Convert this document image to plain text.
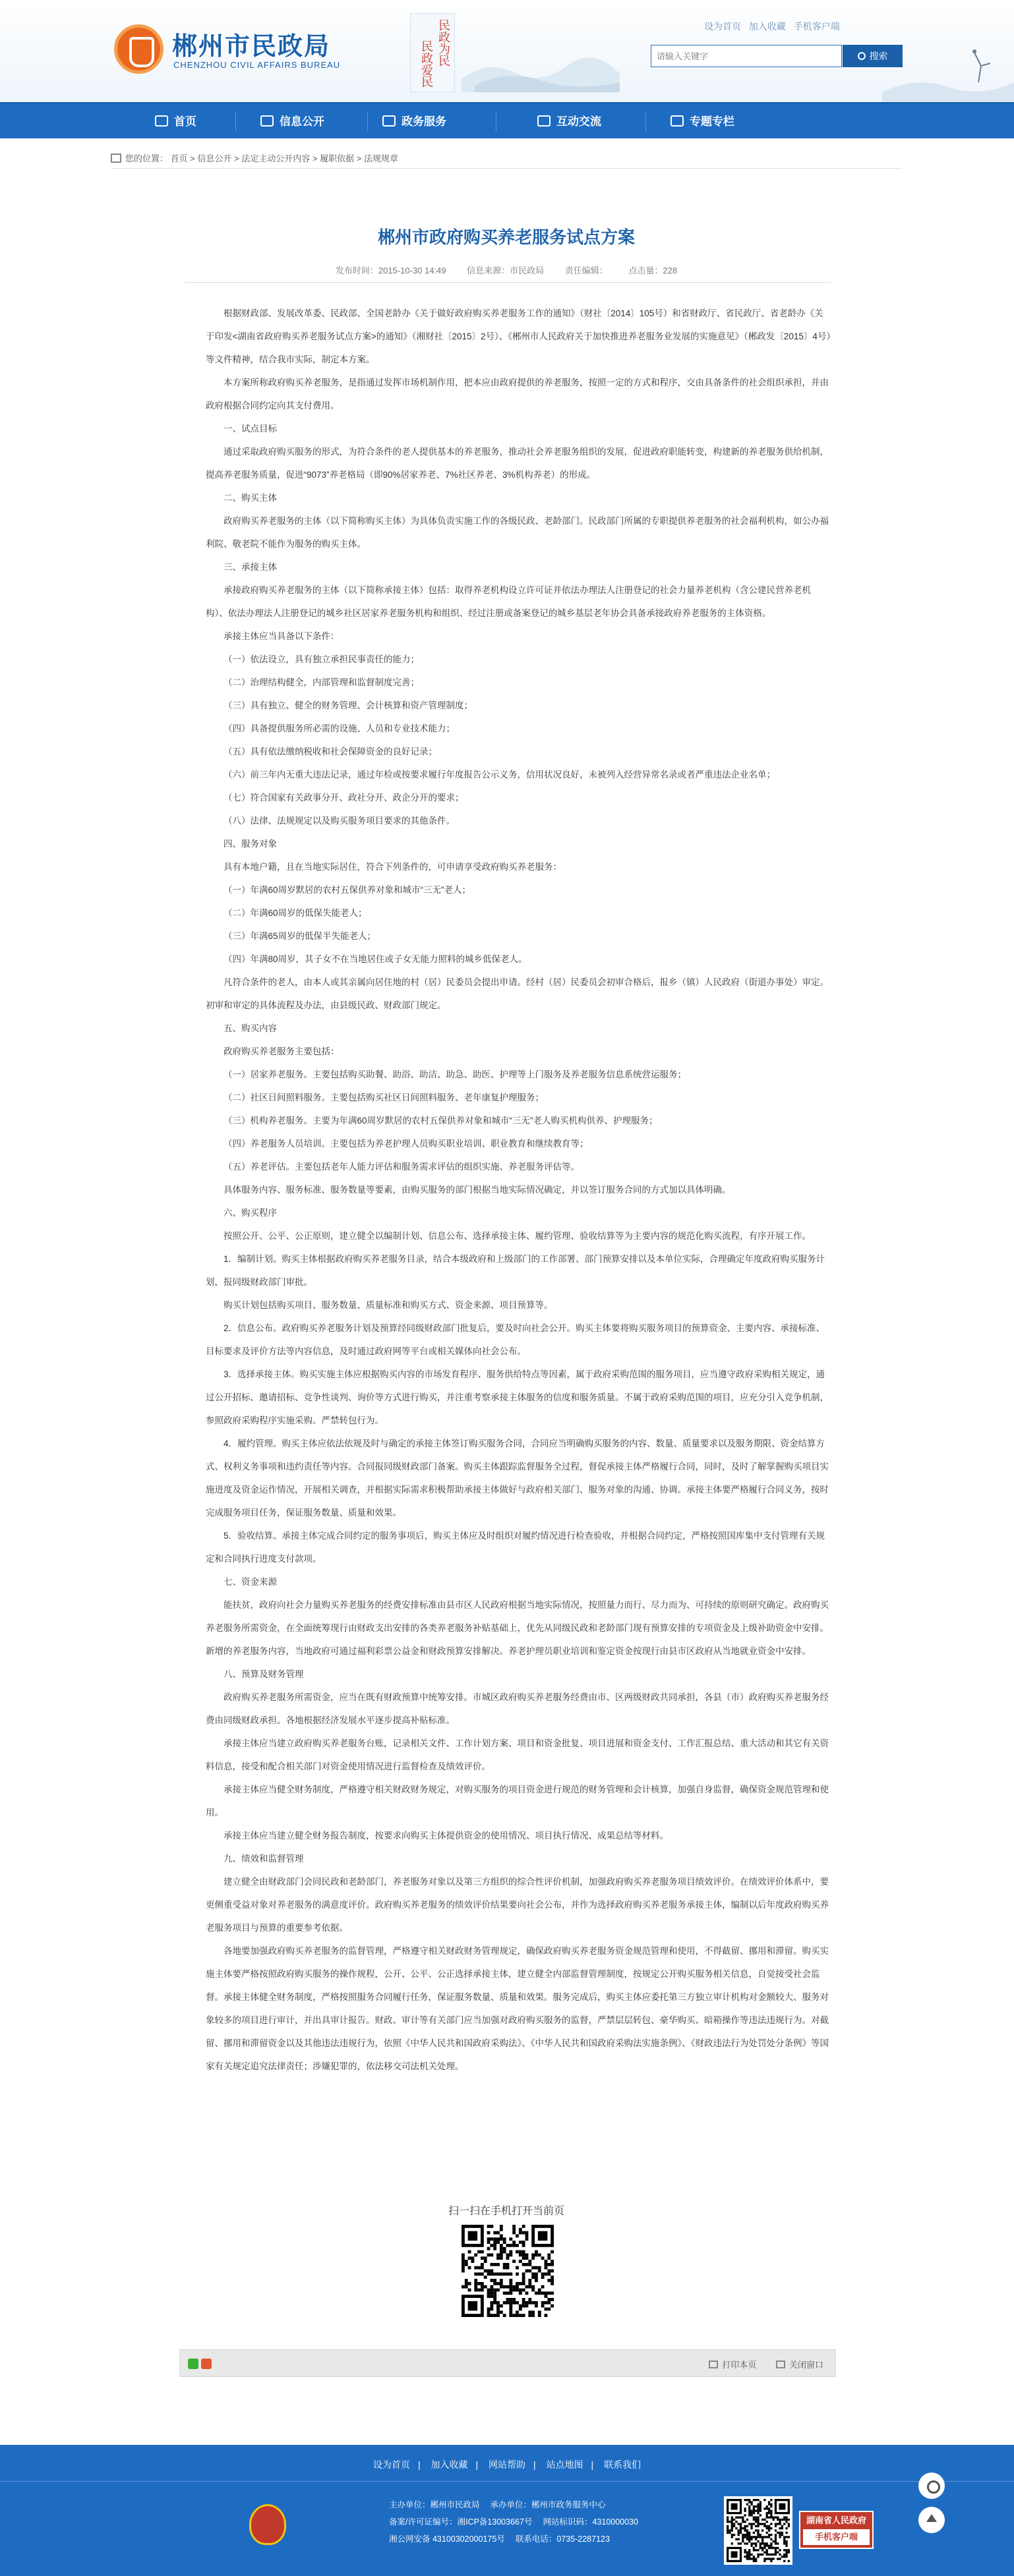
郴州市民政局
CHENZHOU CIVIL AFFAIRS BUREAU	民政为民
民政爱民
设为首页 加入收藏 手机客户端
请输入关键字
搜索
首页	信息公开	政务服务	互动交流	专题专栏
您的位置： 首页 > 信息公开 > 法定主动公开内容 > 履职依据 > 法规规章
郴州市政府购买养老服务试点方案
发布时间：2015-10-30 14:49 信息来源：市民政局 责任编辑： 点击量：228

根据财政部、发展改革委、民政部、全国老龄办《关于做好政府购买养老服务工作的通知》（财社〔2014〕105号）和省财政厅、省民政厅、省老龄办《关于印发<湖南省政府购买养老服务试点方案>的通知》（湘财社〔2015〕2号）、《郴州市人民政府关于加快推进养老服务业发展的实施意见》（郴政发〔2015〕4号）等文件精神，结合我市实际，制定本方案。

本方案所称政府购买养老服务，是指通过发挥市场机制作用，把本应由政府提供的养老服务，按照一定的方式和程序，交由具备条件的社会组织承担，并由政府根据合同约定向其支付费用。

一、试点目标

通过采取政府购买服务的形式，为符合条件的老人提供基本的养老服务，推动社会养老服务组织的发展，促进政府职能转变，构建新的养老服务供给机制，提高养老服务质量，促进“9073”养老格局（即90%居家养老、7%社区养老、3%机构养老）的形成。

二、购买主体

政府购买养老服务的主体（以下简称购买主体）为具体负责实施工作的各级民政、老龄部门。民政部门所属的专职提供养老服务的社会福利机构，如公办福利院、敬老院不能作为服务的购买主体。

三、承接主体

承接政府购买养老服务的主体（以下简称承接主体）包括：取得养老机构设立许可证并依法办理法人注册登记的社会力量养老机构（含公建民营养老机构）、依法办理法人注册登记的城乡社区居家养老服务机构和组织、经过注册或备案登记的城乡基层老年协会具备承接政府养老服务的主体资格。

承接主体应当具备以下条件：

（一）依法设立，具有独立承担民事责任的能力；

（二）治理结构健全，内部管理和监督制度完善；

（三）具有独立、健全的财务管理、会计核算和资产管理制度；

（四）具备提供服务所必需的设施、人员和专业技术能力；

（五）具有依法缴纳税收和社会保障资金的良好记录；

（六）前三年内无重大违法记录，通过年检或按要求履行年度报告公示义务，信用状况良好，未被列入经营异常名录或者严重违法企业名单；

（七）符合国家有关政事分开、政社分开、政企分开的要求；

（八）法律、法规规定以及购买服务项目要求的其他条件。

四、服务对象

具有本地户籍，且在当地实际居住，符合下列条件的，可申请享受政府购买养老服务：

（一）年满60周岁默居的农村五保供养对象和城市“三无”老人；

（二）年满60周岁的低保失能老人；

（三）年满65周岁的低保半失能老人；

（四）年满80周岁，其子女不在当地居住或子女无能力照料的城乡低保老人。

凡符合条件的老人，由本人或其亲属向居住地的村（居）民委员会提出申请。经村（居）民委员会初审合格后，报乡（镇）人民政府（街道办事处）审定。初审和审定的具体流程及办法，由县级民政、财政部门规定。

五、购买内容

政府购买养老服务主要包括：

（一）居家养老服务。主要包括购买助餐、助浴、助洁、助急、助医、护理等上门服务及养老服务信息系统营运服务；

（二）社区日间照料服务。主要包括购买社区日间照料服务、老年康复护理服务；

（三）机构养老服务。主要为年满60周岁默居的农村五保供养对象和城市“三无”老人购买机构供养、护理服务；

（四）养老服务人员培训。主要包括为养老护理人员购买职业培训、职业教育和继续教育等；

（五）养老评估。主要包括老年人能力评估和服务需求评估的组织实施、养老服务评估等。

具体服务内容、服务标准、服务数量等要素，由购买服务的部门根据当地实际情况确定，并以签订服务合同的方式加以具体明确。

六、购买程序

按照公开、公平、公正原则，建立健全以编制计划、信息公布、选择承接主体、履约管理、验收结算等为主要内容的规范化购买流程，有序开展工作。

1．编制计划。购买主体根据政府购买养老服务目录，结合本级政府和上级部门的工作部署、部门预算安排以及本单位实际，合理确定年度政府购买服务计划，报同级财政部门审批。

购买计划包括购买项目、服务数量、质量标准和购买方式、资金来源、项目预算等。

2．信息公布。政府购买养老服务计划及预算经同级财政部门批复后，要及时向社会公开。购买主体要将购买服务项目的预算资金、主要内容、承接标准、目标要求及评价方法等内容信息，及时通过政府网等平台或相关媒体向社会公布。

3．选择承接主体。购买实施主体应根据购买内容的市场发育程序、服务供给特点等因素，属于政府采购范围的服务项目，应当遵守政府采购相关规定，通过公开招标、邀请招标、竞争性谈判、询价等方式进行购买，并注重考察承接主体服务的信度和服务质量。不属于政府采购范围的项目，应充分引入竞争机制，参照政府采购程序实施采购。严禁转包行为。

4．履约管理。购买主体应依法依规及时与确定的承接主体签订购买服务合同，合同应当明确购买服务的内容、数量、质量要求以及服务期限、资金结算方式、权利义务事项和违约责任等内容。合同报同级财政部门备案。购买主体跟踪监督服务全过程，督促承接主体严格履行合同，同时，及时了解掌握购买项目实施进度及资金运作情况，开展相关调查，并根据实际需求积极帮助承接主体做好与政府相关部门、服务对象的沟通、协调。承接主体要严格履行合同义务，按时完成服务项目任务，保证服务数量、质量和效果。

5．验收结算。承接主体完成合同约定的服务事项后，购买主体应及时组织对履约情况进行检查验收，并根据合同约定，严格按照国库集中支付管理有关规定和合同执行进度支付款项。

七、资金来源

能扶贫，政府向社会力量购买养老服务的经费安排标准由县市区人民政府根据当地实际情况，按照量力而行、尽力而为、可持续的原则研究确定。政府购买养老服务所需资金，在全面统筹现行由财政支出安排的各类养老服务补贴基础上，优先从同级民政和老龄部门现有预算安排的专项资金及上级补助资金中安排。新增的养老服务内容，当地政府可通过福利彩票公益金和财政预算安排解决。养老护理员职业培训和鉴定资金按现行由县市区政府从当地就业资金中安排。

八、预算及财务管理

政府购买养老服务所需资金，应当在既有财政预算中统筹安排。市城区政府购买养老服务经费由市、区两级财政共同承担，各县（市）政府购买养老服务经费由同级财政承担。各地根据经济发展水平逐步提高补贴标准。

承接主体应当建立政府购买养老服务台账，记录相关文件、工作计划方案、项目和资金批复、项目进展和资金支付、工作汇报总结、重大活动和其它有关资料信息，接受和配合相关部门对资金使用情况进行监督检查及绩效评价。

承接主体应当健全财务制度，严格遵守相关财政财务规定，对购买服务的项目资金进行规范的财务管理和会计核算，加强自身监督，确保资金规范管理和使用。

承接主体应当建立健全财务报告制度，按要求向购买主体提供资金的使用情况、项目执行情况、成果总结等材料。

九、绩效和监督管理

建立健全由财政部门会同民政和老龄部门，养老服务对象以及第三方组织的综合性评价机制，加强政府购买养老服务项目绩效评价。在绩效评价体系中，要更侧重受益对象对养老服务的满意度评价。政府购买养老服务的绩效评价结果要向社会公布，并作为选择政府购买养老服务承接主体，编制以后年度政府购买养老服务项目与预算的重要参考依据。

各地要加强政府购买养老服务的监督管理，严格遵守相关财政财务管理规定，确保政府购买养老服务资金规范管理和使用，不得截留、挪用和滞留。购买实施主体要严格按照政府购买服务的操作规程，公开、公平、公正选择承接主体，建立健全内部监督管理制度，按规定公开购买服务相关信息，自觉接受社会监督。承接主体健全财务制度，严格按照服务合同履行任务，保证服务数量、质量和效果。服务完成后，购买主体应委托第三方独立审计机构对金额较大、服务对象较多的项目进行审计，并出具审计报告。财政、审计等有关部门应当加强对政府购买服务的监督，严禁层层转包、豪华购买、暗箱操作等违法违规行为。对截留、挪用和滞留资金以及其他违法违规行为，依照《中华人民共和国政府采购法》、《中华人民共和国政府采购法实施条例》、《财政违法行为处罚处分条例》等国家有关规定追究法律责任；涉嫌犯罪的，依法移交司法机关处理。

扫一扫在手机打开当前页
打印本页	关闭窗口
设为首页 | 加入收藏 | 网站帮助 | 站点地图 | 联系我们
主办单位：郴州市民政局 承办单位：郴州市政务服务中心
备案/许可证编号：湘ICP备13003667号 网站标识码：4310000030
湘公网安备 43100302000175号 联系电话：0735-2287123
湖南省人民政府
手机客户端
